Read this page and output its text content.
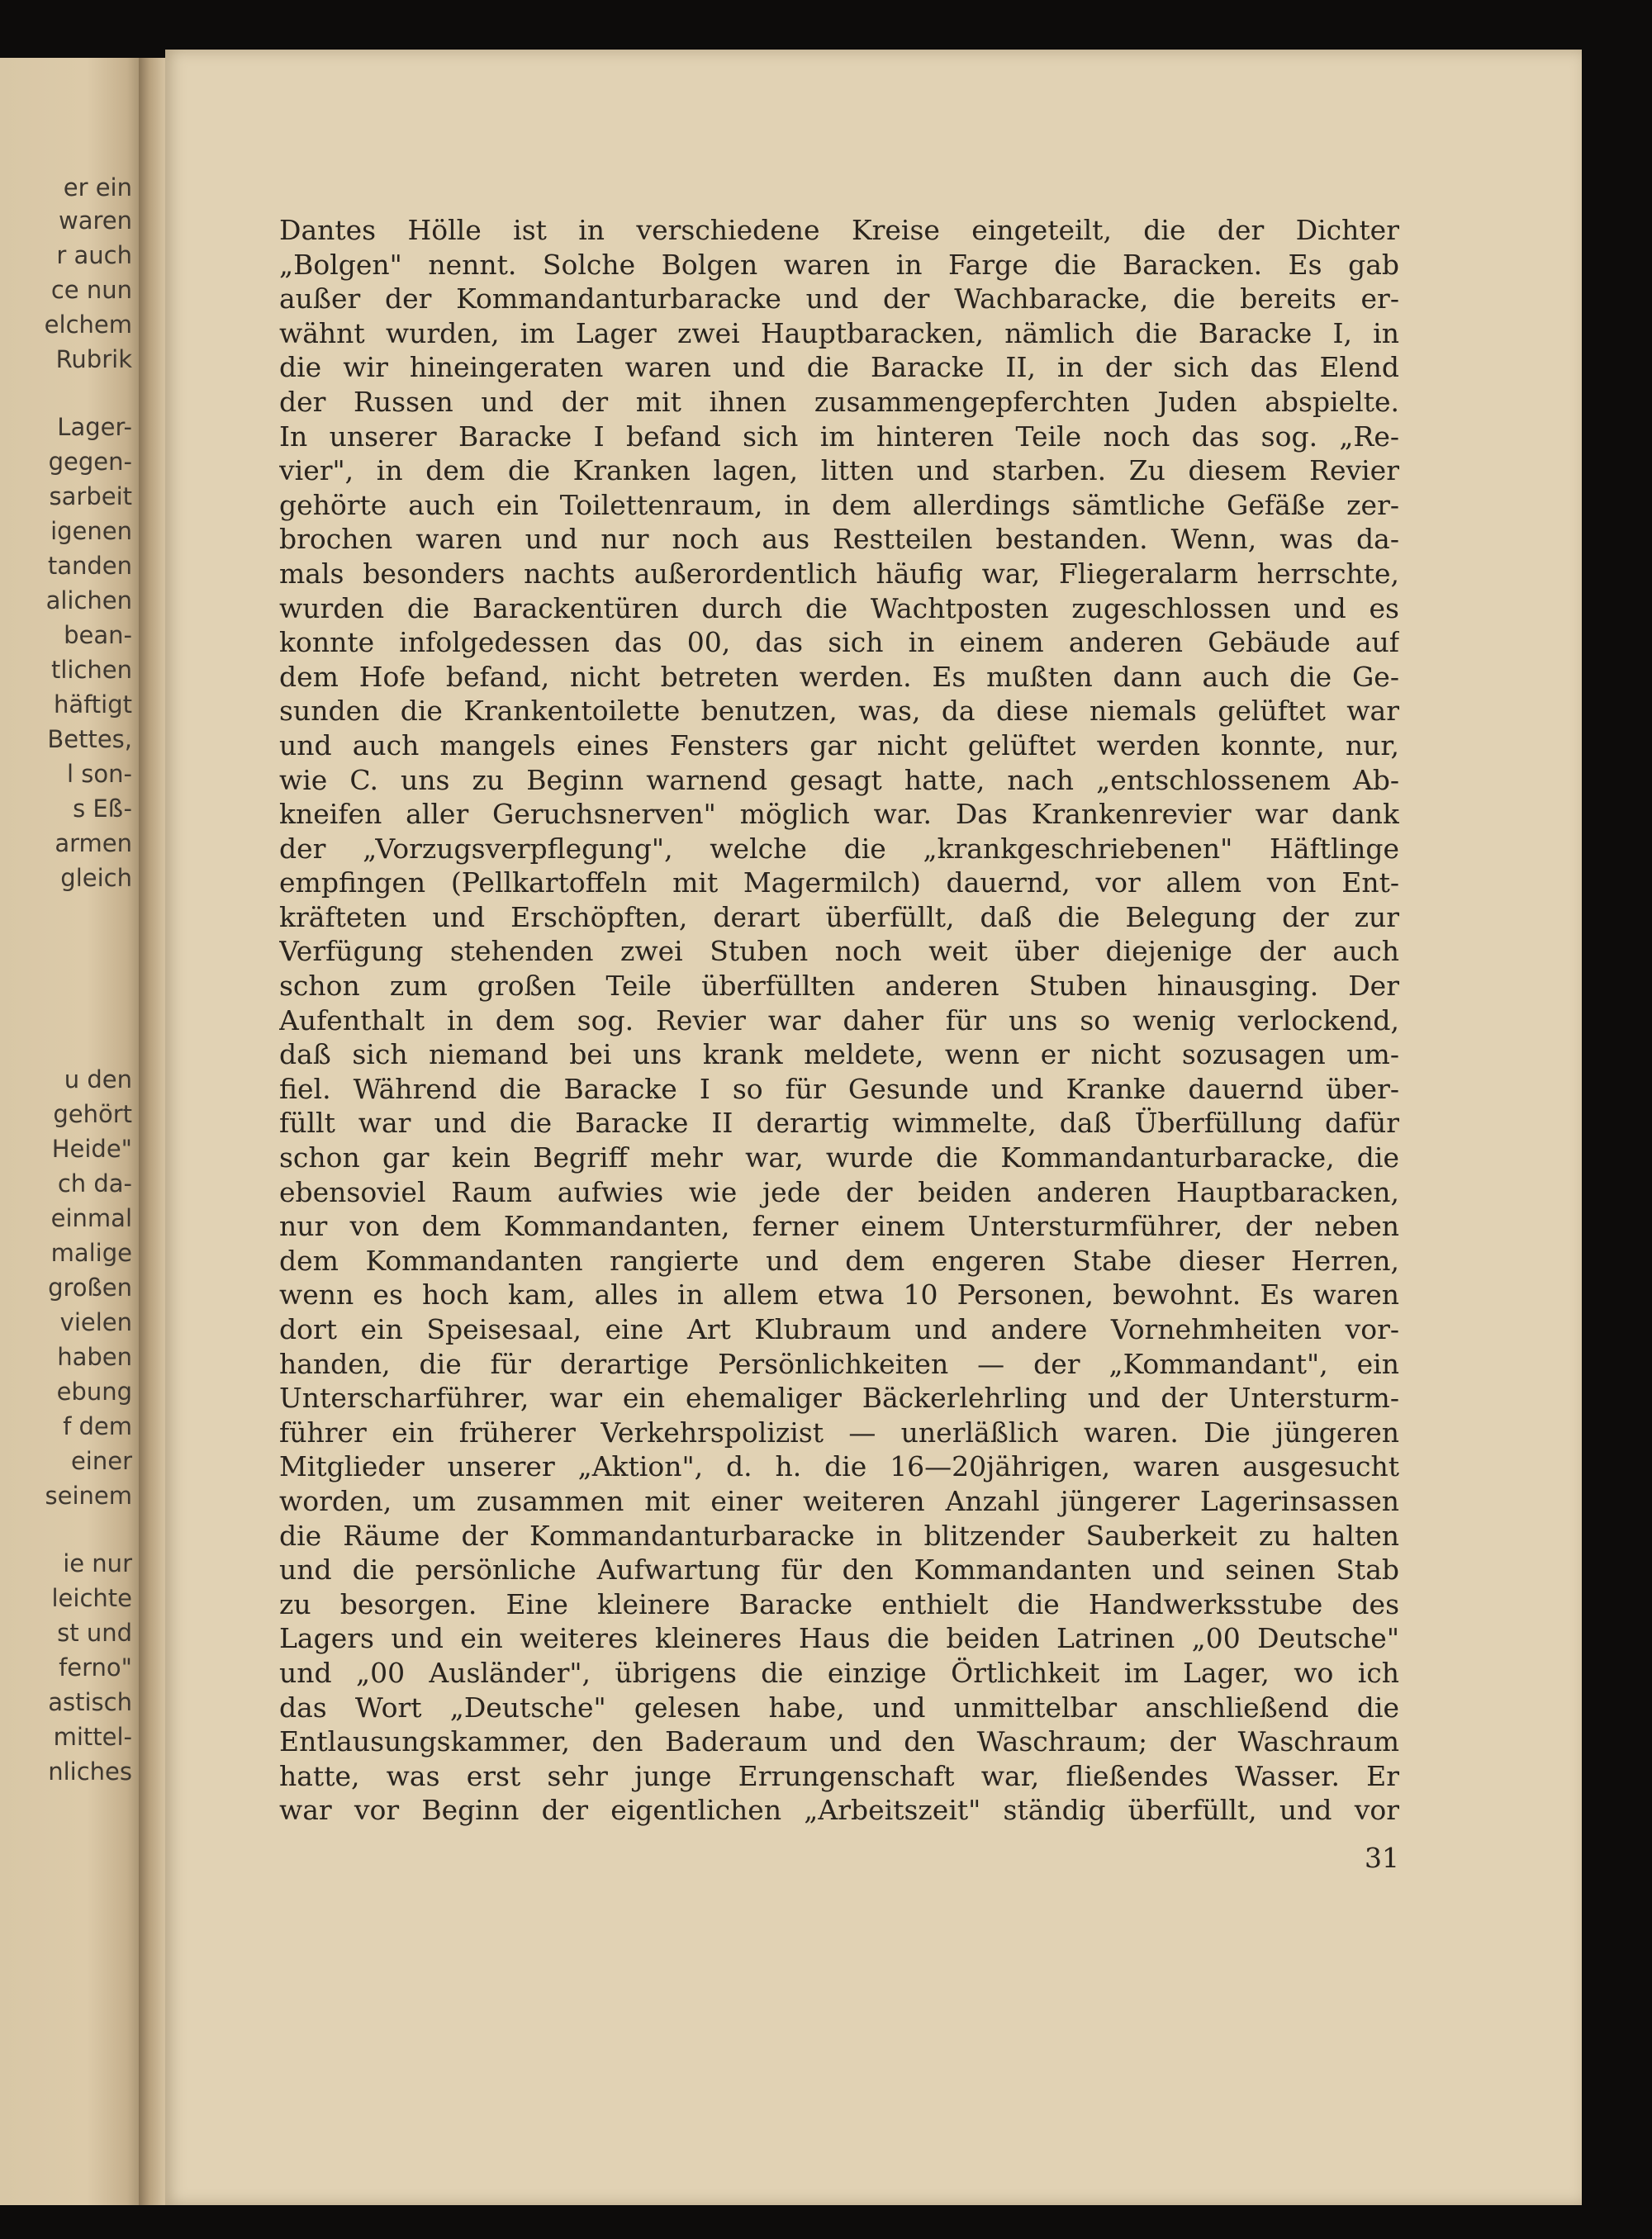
er ein
waren
r auch
ce nun
elchem
Rubrik
Lager-
gegen-
sarbeit
igenen
tanden
alichen
bean-
tlichen
häftigt
Bettes,
l son-
s Eß-
armen
gleich
u den
gehört
Heide"
ch da-
einmal
malige
großen
vielen
haben
ebung
f dem
einer
seinem
ie nur
leichte
st und
ferno"
astisch
mittel-
nliches
Dantes Hölle ist in verschiedene Kreise eingeteilt, die der Dichter
„Bolgen" nennt. Solche Bolgen waren in Farge die Baracken. Es gab
außer der Kommandanturbaracke und der Wachbaracke, die bereits er-
wähnt wurden, im Lager zwei Hauptbaracken, nämlich die Baracke I, in
die wir hineingeraten waren und die Baracke II, in der sich das Elend
der Russen und der mit ihnen zusammengepferchten Juden abspielte.
In unserer Baracke I befand sich im hinteren Teile noch das sog. „Re-
vier", in dem die Kranken lagen, litten und starben. Zu diesem Revier
gehörte auch ein Toilettenraum, in dem allerdings sämtliche Gefäße zer-
brochen waren und nur noch aus Restteilen bestanden. Wenn, was da-
mals besonders nachts außerordentlich häufig war, Fliegeralarm herrschte,
wurden die Barackentüren durch die Wachtposten zugeschlossen und es
konnte infolgedessen das 00, das sich in einem anderen Gebäude auf
dem Hofe befand, nicht betreten werden. Es mußten dann auch die Ge-
sunden die Krankentoilette benutzen, was, da diese niemals gelüftet war
und auch mangels eines Fensters gar nicht gelüftet werden konnte, nur,
wie C. uns zu Beginn warnend gesagt hatte, nach „entschlossenem Ab-
kneifen aller Geruchsnerven" möglich war. Das Krankenrevier war dank
der „Vorzugsverpflegung", welche die „krankgeschriebenen" Häftlinge
empfingen (Pellkartoffeln mit Magermilch) dauernd, vor allem von Ent-
kräfteten und Erschöpften, derart überfüllt, daß die Belegung der zur
Verfügung stehenden zwei Stuben noch weit über diejenige der auch
schon zum großen Teile überfüllten anderen Stuben hinausging. Der
Aufenthalt in dem sog. Revier war daher für uns so wenig verlockend,
daß sich niemand bei uns krank meldete, wenn er nicht sozusagen um-
fiel. Während die Baracke I so für Gesunde und Kranke dauernd über-
füllt war und die Baracke II derartig wimmelte, daß Überfüllung dafür
schon gar kein Begriff mehr war, wurde die Kommandanturbaracke, die
ebensoviel Raum aufwies wie jede der beiden anderen Hauptbaracken,
nur von dem Kommandanten, ferner einem Untersturmführer, der neben
dem Kommandanten rangierte und dem engeren Stabe dieser Herren,
wenn es hoch kam, alles in allem etwa 10 Personen, bewohnt. Es waren
dort ein Speisesaal, eine Art Klubraum und andere Vornehmheiten vor-
handen, die für derartige Persönlichkeiten — der „Kommandant", ein
Unterscharführer, war ein ehemaliger Bäckerlehrling und der Untersturm-
führer ein früherer Verkehrspolizist — unerläßlich waren. Die jüngeren
Mitglieder unserer „Aktion", d. h. die 16—20jährigen, waren ausgesucht
worden, um zusammen mit einer weiteren Anzahl jüngerer Lagerinsassen
die Räume der Kommandanturbaracke in blitzender Sauberkeit zu halten
und die persönliche Aufwartung für den Kommandanten und seinen Stab
zu besorgen. Eine kleinere Baracke enthielt die Handwerksstube des
Lagers und ein weiteres kleineres Haus die beiden Latrinen „00 Deutsche"
und „00 Ausländer", übrigens die einzige Örtlichkeit im Lager, wo ich
das Wort „Deutsche" gelesen habe, und unmittelbar anschließend die
Entlausungskammer, den Baderaum und den Waschraum; der Waschraum
hatte, was erst sehr junge Errungenschaft war, fließendes Wasser. Er
war vor Beginn der eigentlichen „Arbeitszeit" ständig überfüllt, und vor
31
